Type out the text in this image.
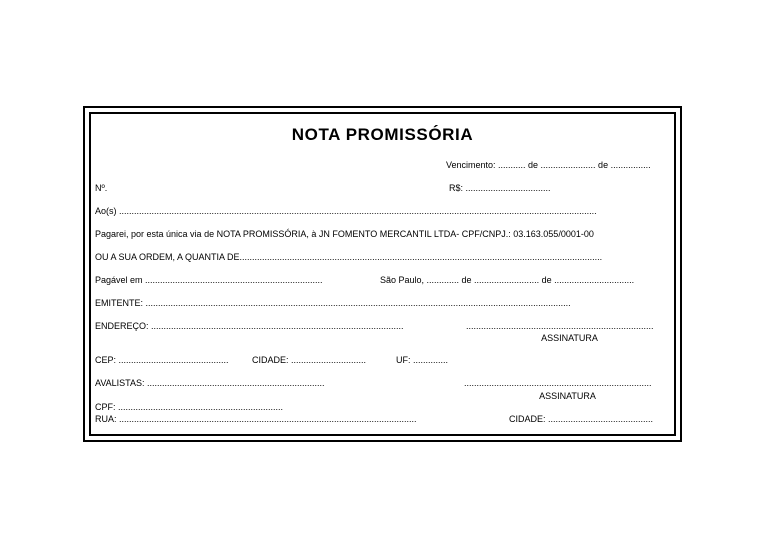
NOTA PROMISSÓRIA
Vencimento: ........... de ...................... de ................
Nº.	R$: ..................................
Ao(s) ...............................................................................................................................................................................................
Pagarei, por esta única via de NOTA PROMISSÓRIA, à JN FOMENTO MERCANTIL LTDA- CPF/CNPJ.: 03.163.055/0001-00
OU A SUA ORDEM, A QUANTIA DE.................................................................................................................................................
Pagável em .......................................................................	São Paulo, ............. de .......................... de ................................
EMITENTE: ..........................................................................................................................................................................
ENDEREÇO: .....................................................................................................	...........................................................................
ASSINATURA
CEP: ............................................	CIDADE: ..............................	UF: ..............
AVALISTAS: .......................................................................	...........................................................................
ASSINATURA
CPF: ..................................................................
RUA: .......................................................................................................................	CIDADE: ..........................................
